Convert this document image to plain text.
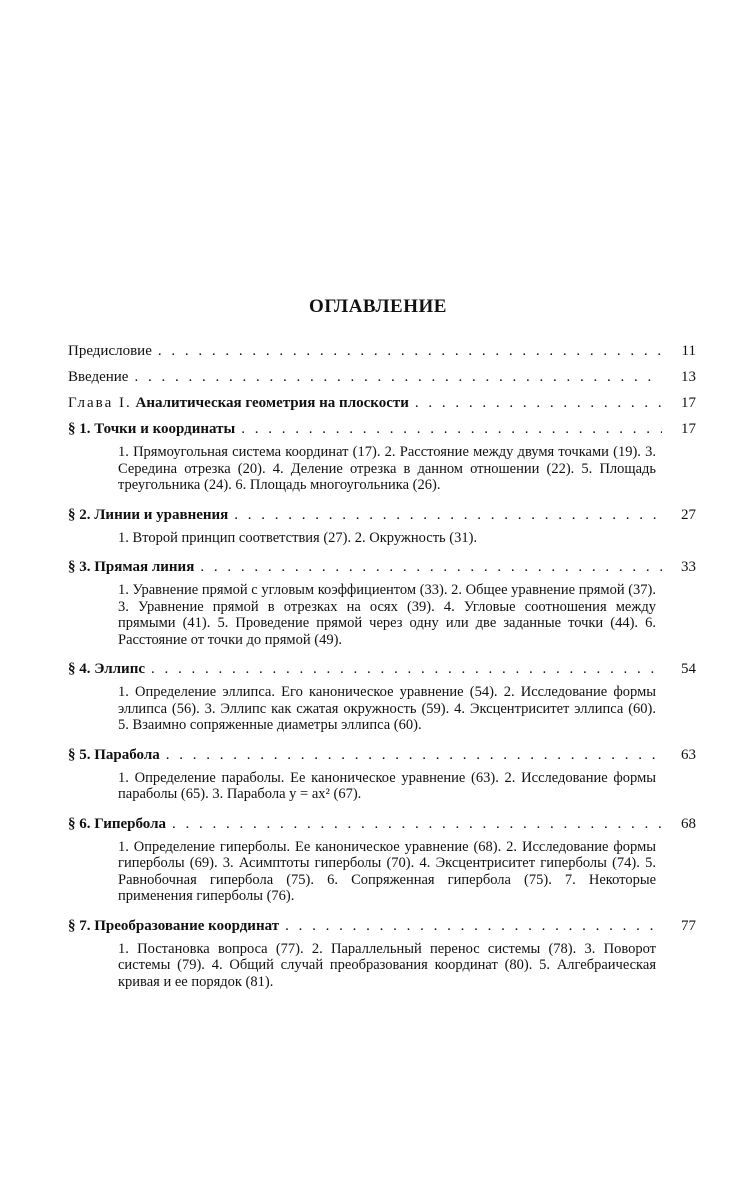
ОГЛАВЛЕНИЕ
Предисловие . . .	11
Введение . . .	13
Глава I. Аналитическая геометрия на плоскости . . .	17
§ 1. Точки и координаты . . .	17
1. Прямоугольная система координат (17). 2. Расстояние между двумя точками (19). 3. Середина отрезка (20). 4. Деление отрезка в данном отношении (22). 5. Площадь треугольника (24). 6. Площадь многоугольника (26).
§ 2. Линии и уравнения . . .	27
1. Второй принцип соответствия (27). 2. Окружность (31).
§ 3. Прямая линия . . .	33
1. Уравнение прямой с угловым коэффициентом (33). 2. Общее уравнение прямой (37). 3. Уравнение прямой в отрезках на осях (39). 4. Угловые соотношения между прямыми (41). 5. Проведение прямой через одну или две заданные точки (44). 6. Расстояние от точки до прямой (49).
§ 4. Эллипс . . .	54
1. Определение эллипса. Его каноническое уравнение (54). 2. Исследование формы эллипса (56). 3. Эллипс как сжатая окружность (59). 4. Эксцентриситет эллипса (60). 5. Взаимно сопряженные диаметры эллипса (60).
§ 5. Парабола . . .	63
1. Определение параболы. Ее каноническое уравнение (63). 2. Исследование формы параболы (65). 3. Парабола y = ax² (67).
§ 6. Гипербола . . .	68
1. Определение гиперболы. Ее каноническое уравнение (68). 2. Исследование формы гиперболы (69). 3. Асимптоты гиперболы (70). 4. Эксцентриситет гиперболы (74). 5. Равнобочная гипербола (75). 6. Сопряженная гипербола (75). 7. Некоторые применения гиперболы (76).
§ 7. Преобразование координат . . .	77
1. Постановка вопроса (77). 2. Параллельный перенос системы (78). 3. Поворот системы (79). 4. Общий случай преобразования координат (80). 5. Алгебраическая кривая и ее порядок (81).
